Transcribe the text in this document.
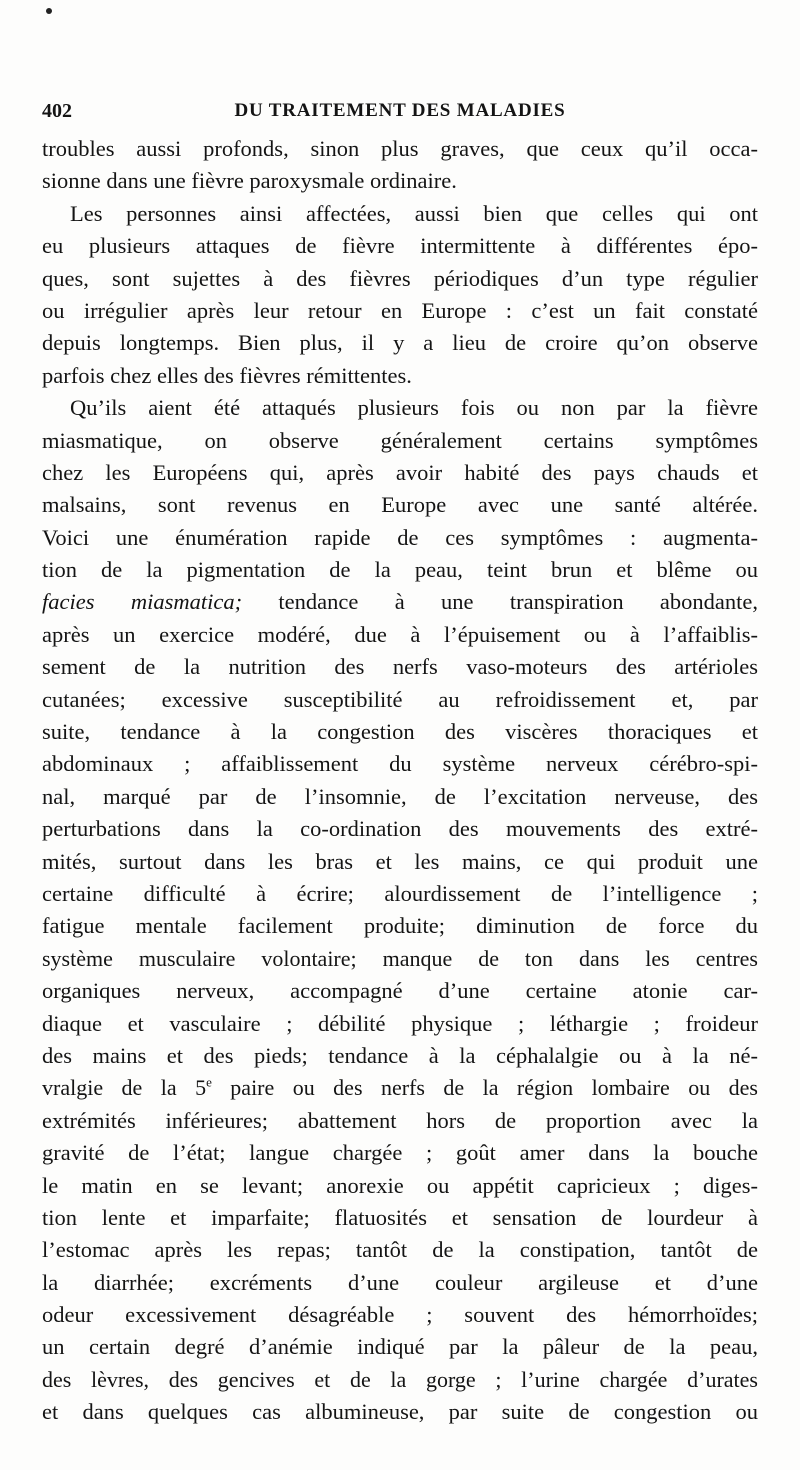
402	DU TRAITEMENT DES MALADIES
troubles aussi profonds, sinon plus graves, que ceux qu’il occa-
sionne dans une fièvre paroxysmale ordinaire.
Les personnes ainsi affectées, aussi bien que celles qui ont
eu plusieurs attaques de fièvre intermittente à différentes épo-
ques, sont sujettes à des fièvres périodiques d’un type régulier
ou irrégulier après leur retour en Europe : c’est un fait constaté
depuis longtemps. Bien plus, il y a lieu de croire qu’on observe
parfois chez elles des fièvres rémittentes.
Qu’ils aient été attaqués plusieurs fois ou non par la fièvre
miasmatique, on observe généralement certains symptômes
chez les Européens qui, après avoir habité des pays chauds et
malsains, sont revenus en Europe avec une santé altérée.
Voici une énumération rapide de ces symptômes : augmenta-
tion de la pigmentation de la peau, teint brun et blême ou
facies miasmatica; tendance à une transpiration abondante,
après un exercice modéré, due à l’épuisement ou à l’affaiblis-
sement de la nutrition des nerfs vaso-moteurs des artérioles
cutanées; excessive susceptibilité au refroidissement et, par
suite, tendance à la congestion des viscères thoraciques et
abdominaux ; affaiblissement du système nerveux cérébro-spi-
nal, marqué par de l’insomnie, de l’excitation nerveuse, des
perturbations dans la co-ordination des mouvements des extré-
mités, surtout dans les bras et les mains, ce qui produit une
certaine difficulté à écrire; alourdissement de l’intelligence ;
fatigue mentale facilement produite; diminution de force du
système musculaire volontaire; manque de ton dans les centres
organiques nerveux, accompagné d’une certaine atonie car-
diaque et vasculaire ; débilité physique ; léthargie ; froideur
des mains et des pieds; tendance à la céphalalgie ou à la né-
vralgie de la 5e paire ou des nerfs de la région lombaire ou des
extrémités inférieures; abattement hors de proportion avec la
gravité de l’état; langue chargée ; goût amer dans la bouche
le matin en se levant; anorexie ou appétit capricieux ; diges-
tion lente et imparfaite; flatuosités et sensation de lourdeur à
l’estomac après les repas; tantôt de la constipation, tantôt de
la diarrhée; excréments d’une couleur argileuse et d’une
odeur excessivement désagréable ; souvent des hémorrhoïdes;
un certain degré d’anémie indiqué par la pâleur de la peau,
des lèvres, des gencives et de la gorge ; l’urine chargée d’urates
et dans quelques cas albumineuse, par suite de congestion ou
